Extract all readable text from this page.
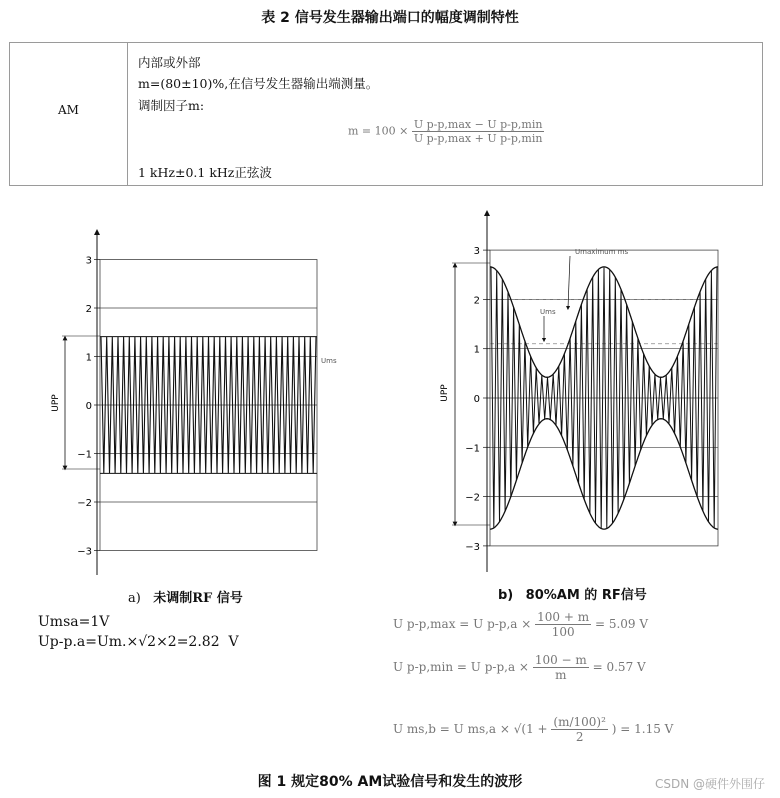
表 2 信号发生器输出端口的幅度调制特性
AM
内部或外部
m=(80±10)%,在信号发生器输出端测量。
调制因子m:
$m = 100 \times \frac{\text{U p-p,max − U p-p,min}}{\text{U p-p,max + U p-p,min}}$
1 kHz±0.1 kHz正弦波
3
2
1
0
−1
−2
−3
UPP
Ums
a) 未调制RF 信号
Umsa=1V
Up-p.a=Um.×√2×2=2.82  V
3
2
1
0
−1
−2
−3
UPP
Umaximum ms
Ums
b) 80%AM 的 RF信号
U p-p,max = U $p-p,a \times \frac{100 + m}{100} = 5.09$ V
U p-p,min = U $p-p,a \times \frac{100 - m}{m} = 0.57$ V
U ms,b = U $ms,a \times √(1 + \frac{\text{(m/100)²}}{2}$ ) = 1.15 V
图 1 规定80% AM试验信号和发生的波形	CSDN @硬件外围仔
